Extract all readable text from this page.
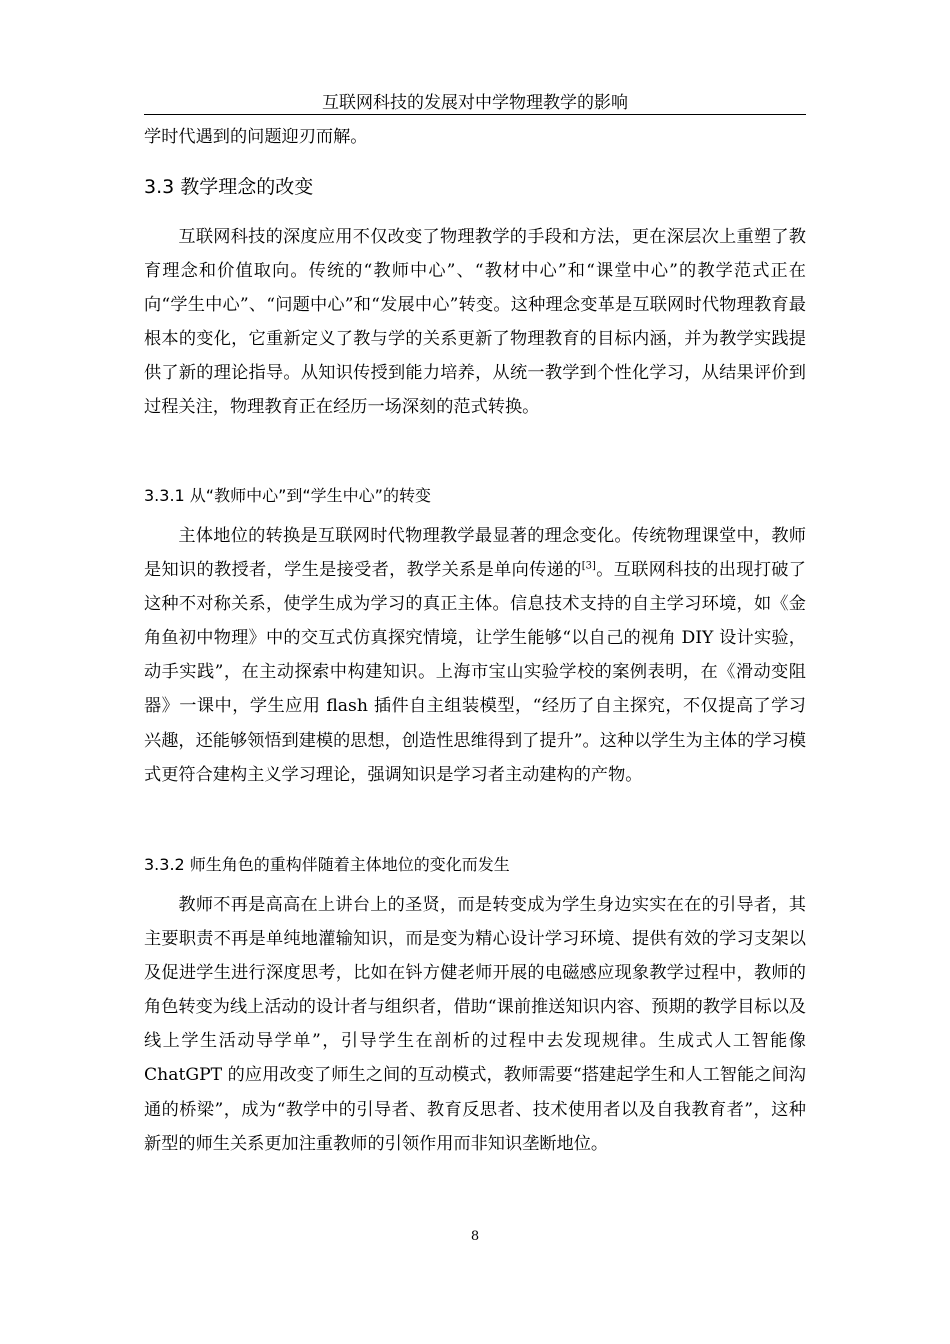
互联网科技的发展对中学物理教学的影响

学时代遇到的问题迎刃而解。

3.3 教学理念的改变

互联网科技的深度应用不仅改变了物理教学的手段和方法，更在深层次上重塑了教育理念和价值取向。传统的“教师中心”、“教材中心”和“课堂中心”的教学范式正在向“学生中心”、“问题中心”和“发展中心”转变。这种理念变革是互联网时代物理教育最根本的变化，它重新定义了教与学的关系更新了物理教育的目标内涵，并为教学实践提供了新的理论指导。从知识传授到能力培养，从统一教学到个性化学习，从结果评价到过程关注，物理教育正在经历一场深刻的范式转换。

3.3.1 从“教师中心”到“学生中心”的转变

主体地位的转换是互联网时代物理教学最显著的理念变化。传统物理课堂中，教师是知识的教授者，学生是接受者，教学关系是单向传递的[3]。互联网科技的出现打破了这种不对称关系，使学生成为学习的真正主体。信息技术支持的自主学习环境，如《金角鱼初中物理》中的交互式仿真探究情境，让学生能够“以自己的视角 DIY 设计实验，动手实践”，在主动探索中构建知识。上海市宝山实验学校的案例表明，在《滑动变阻器》一课中，学生应用 flash 插件自主组装模型，“经历了自主探究，不仅提高了学习兴趣，还能够领悟到建模的思想，创造性思维得到了提升”。这种以学生为主体的学习模式更符合建构主义学习理论，强调知识是学习者主动建构的产物。

3.3.2 师生角色的重构伴随着主体地位的变化而发生

教师不再是高高在上讲台上的圣贤，而是转变成为学生身边实实在在的引导者，其主要职责不再是单纯地灌输知识，而是变为精心设计学习环境、提供有效的学习支架以及促进学生进行深度思考，比如在钭方健老师开展的电磁感应现象教学过程中，教师的角色转变为线上活动的设计者与组织者，借助“课前推送知识内容、预期的教学目标以及线上学生活动导学单”，引导学生在剖析的过程中去发现规律。生成式人工智能像 ChatGPT 的应用改变了师生之间的互动模式，教师需要“搭建起学生和人工智能之间沟通的桥梁”，成为“教学中的引导者、教育反思者、技术使用者以及自我教育者”，这种新型的师生关系更加注重教师的引领作用而非知识垄断地位。

8
